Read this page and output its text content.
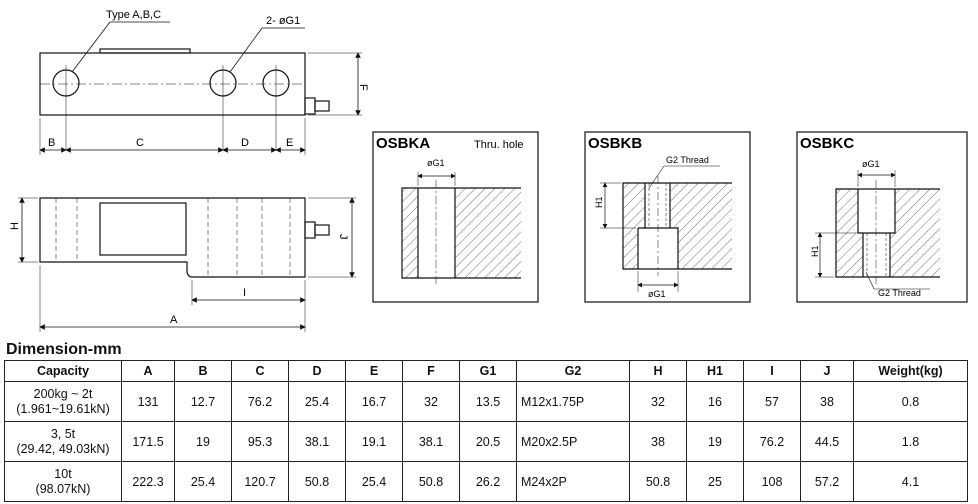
Type A,B,C	2- øG1
B	C	D	E
F
H
J
I
A
OSBKA	Thru. hole
øG1
OSBKB
G2 Thread
H1
øG1
OSBKC
øG1
H1
G2 Thread
Dimension-mm
Capacity	A	B	C	D	E	F	G1	G2	H	H1	I	J	Weight(kg)
200kg ~ 2t
(1.961~19.61kN)	131	12.7	76.2	25.4	16.7	32	13.5	M12x1.75P	32	16	57	38	0.8
3, 5t
(29.42, 49.03kN)	171.5	19	95.3	38.1	19.1	38.1	20.5	M20x2.5P	38	19	76.2	44.5	1.8
10t
(98.07kN)	222.3	25.4	120.7	50.8	25.4	50.8	26.2	M24x2P	50.8	25	108	57.2	4.1
